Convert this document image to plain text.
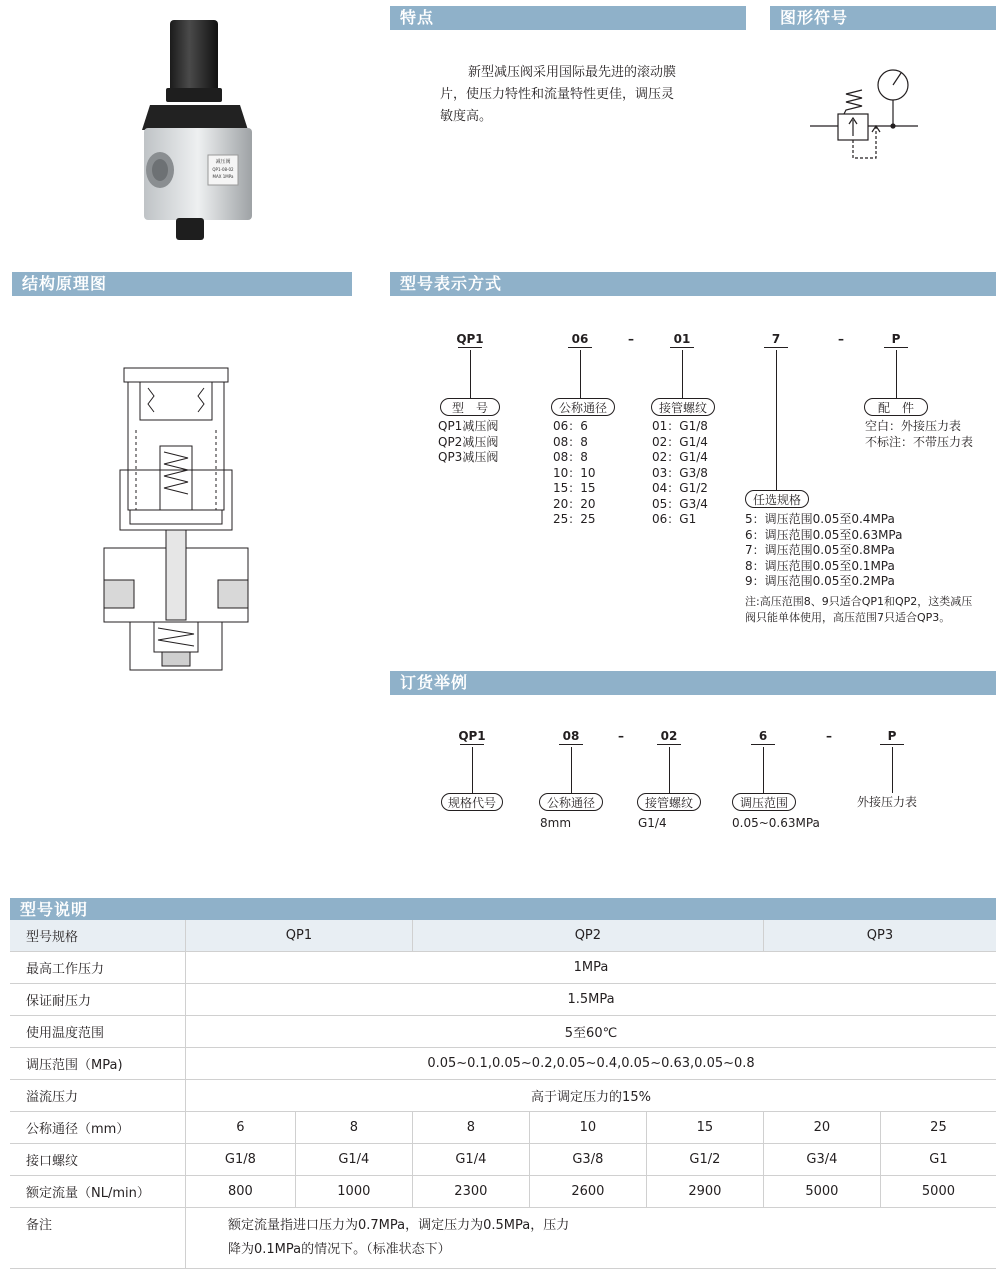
减压阀
QP1-08-02
MAX 1MPa
特点	图形符号
结构原理图	型号表示方式
订货举例
型号说明
新型减压阀采用国际最先进的滚动膜
片，使压力特性和流量特性更佳，调压灵
敏度高。
QP1	06	–	01	7	–	P
型　号	公称通径	接管螺纹	配　件
任选规格
QP1减压阀
QP2减压阀
QP3减压阀
06：6
08：8
08：8
10：10
15：15
20：20
25：25
01：G1/8
02：G1/4
02：G1/4
03：G3/8
04：G1/2
05：G3/4
06：G1
空白：外接压力表
不标注：不带压力表
5：调压范围0.05至0.4MPa
6：调压范围0.05至0.63MPa
7：调压范围0.05至0.8MPa
8：调压范围0.05至0.1MPa
9：调压范围0.05至0.2MPa
注:高压范围8、9只适合QP1和QP2，这类减压
阀只能单体使用，高压范围7只适合QP3。
QP1	08	–	02	6	–	P
规格代号	公称通径	接管螺纹	调压范围	外接压力表
8mm	G1/4	0.05~0.63MPa
型号规格	QP1		QP2			QP3	
最高工作压力	1MPa						
保证耐压力	1.5MPa						
使用温度范围	5至60℃						
调压范围（MPa)	0.05~0.1,0.05~0.2,0.05~0.4,0.05~0.63,0.05~0.8						
溢流压力	高于调定压力的15%						
公称通径（mm）	6	8	8	10	15	20	25
接口螺纹	G1/8	G1/4	G1/4	G3/8	G1/2	G3/4	G1
额定流量（NL/min）	800	1000	2300	2600	2900	5000	5000
备注	额定流量指进口压力为0.7MPa，调定压力为0.5MPa，压力
降为0.1MPa的情况下。（标准状态下）						
